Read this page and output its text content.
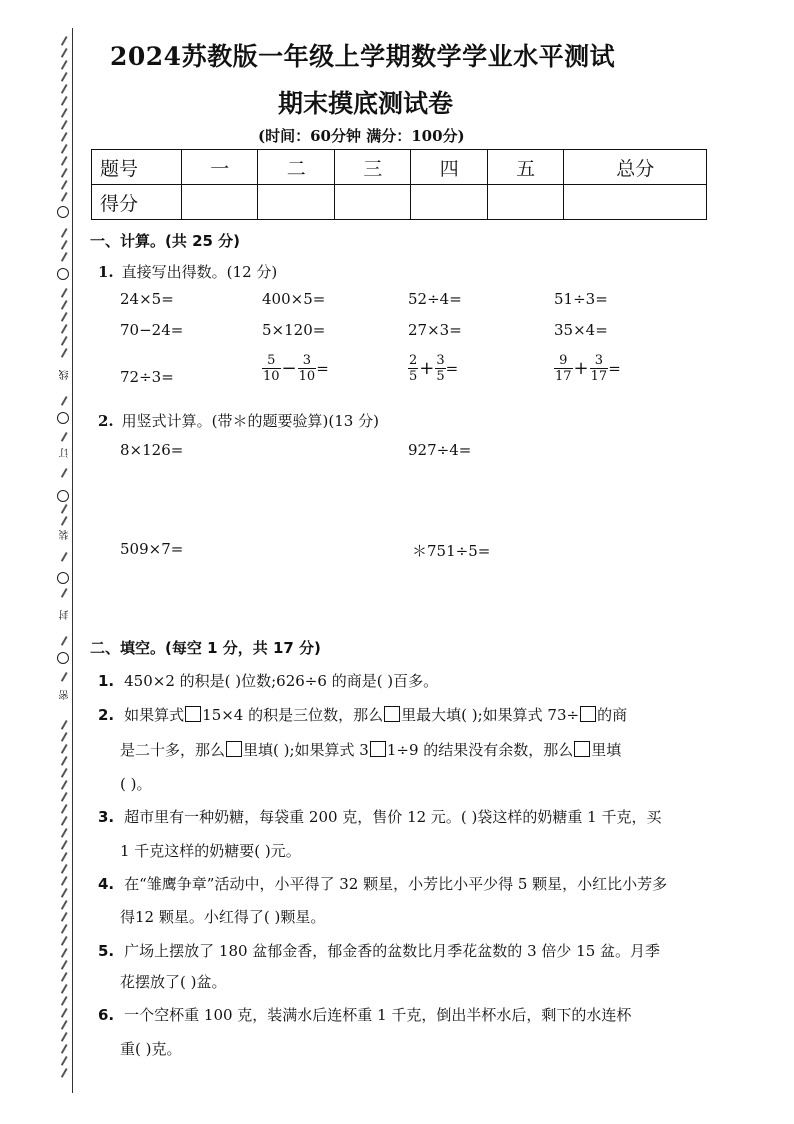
线
订
装
封
密
2024苏教版一年级上学期数学学业水平测试
期末摸底测试卷
(时间：60分钟 满分：100分)
题号	一	二	三	四	五	总分
得分						
一、计算。(共 25 分)
1. 直接写出得数。(12 分)
24×5=	400×5=	52÷4=	51÷3=
70−24=	5×120=	27×3=	35×4=
72÷3=	$\frac{5}{10} - \frac{3}{10}$ =	$\frac{2}{5} + \frac{3}{5}$ =	$\frac{9}{17} + \frac{3}{17}$ =
2. 用竖式计算。(带＊的题要验算)(13 分)
8×126=	927÷4=
509×7=	＊751÷5=
二、填空。(每空 1 分，共 17 分)
1. 450×2 的积是( )位数;626÷6 的商是( )百多。
2. 如果算式 15×4 的积是三位数，那么 里最大填( );如果算式 73÷ 的商
是二十多，那么 里填( );如果算式 3 1÷9 的结果没有余数，那么 里填
( )。
3. 超市里有一种奶糖，每袋重 200 克，售价 12 元。( )袋这样的奶糖重 1 千克，买
1 千克这样的奶糖要( )元。
4. 在“雏鹰争章”活动中，小平得了 32 颗星，小芳比小平少得 5 颗星，小红比小芳多
得12 颗星。小红得了( )颗星。
5. 广场上摆放了 180 盆郁金香，郁金香的盆数比月季花盆数的 3 倍少 15 盆。月季
花摆放了( )盆。
6. 一个空杯重 100 克，装满水后连杯重 1 千克，倒出半杯水后，剩下的水连杯
重( )克。
